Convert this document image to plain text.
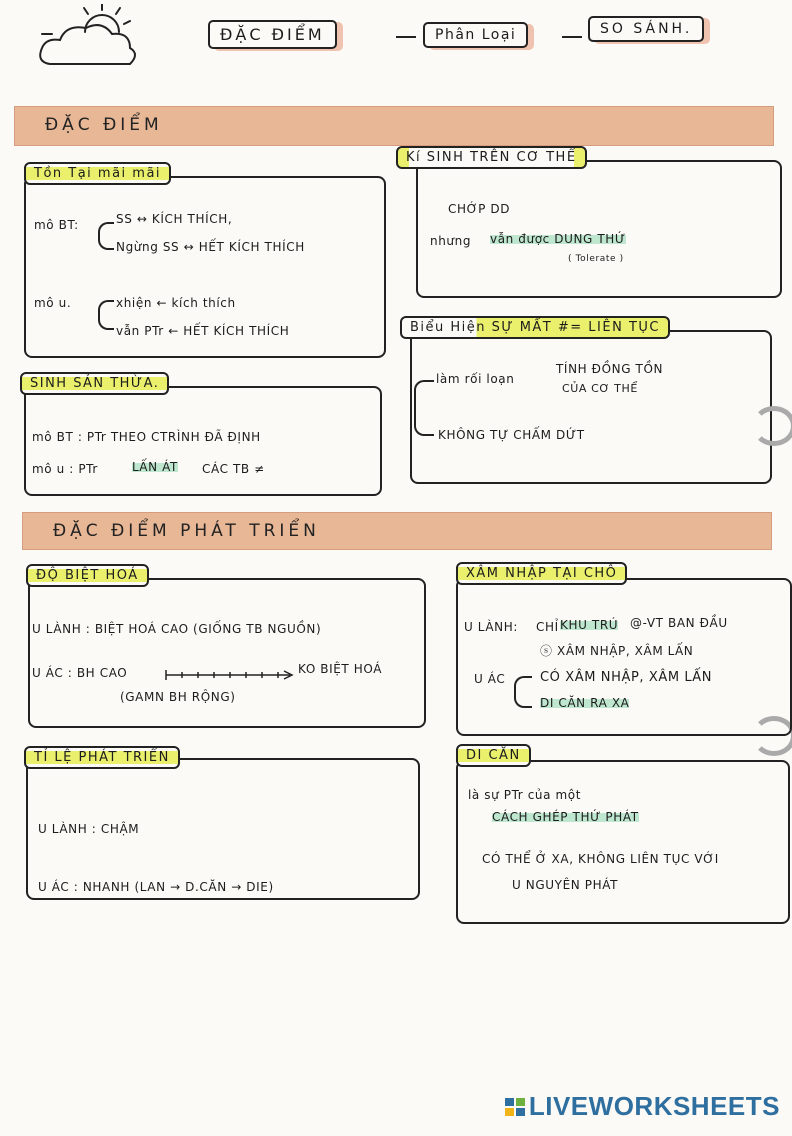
ĐẶC ĐIỂM	Phân Loại	SO SÁNH.
ĐẶC ĐIỂM
Tồn Tại mãi mãi
mô BT:	SS ↔ KÍCH THÍCH,
Ngừng SS ↔ HẾT KÍCH THÍCH
mô u.	xhiện ← kích thích
vẫn PTr ← HẾT KÍCH THÍCH
Kí SINH TRÊN CƠ THỂ
CHỚP DD
nhưng vẫn được DUNG THỨ
( Tolerate )
SINH SẢN THỪA.
mô BT : PTr THEO CTRÌNH ĐÃ ĐỊNH
mô u : PTr	LẤN ÁT CÁC TB ≠
Biểu Hiện SỰ MẤT #= LIÊN TỤC
làm rối loạn
TÍNH ĐỒNG TỒN
CỦA CƠ THỂ
KHÔNG TỰ CHẤM DỨT
ĐẶC ĐIỂM PHÁT TRIỂN
ĐỘ BIỆT HOÁ
U LÀNH : BIỆT HOÁ CAO (GIỐNG TB NGUỒN)
U ÁC : BH CAO	KO BIỆT HOÁ
(GAMN BH RỘNG)
XÂM NHẬP TẠI CHỖ
U LÀNH: CHỈ KHU TRÚ @-VT BAN ĐẦU
ⓢ XÂM NHẬP, XÂM LẤN
U ÁC	CÓ XÂM NHẬP, XÂM LẤN
DI CĂN RA XA
TỈ LỆ PHÁT TRIỂN
U LÀNH : CHẬM
U ÁC : NHANH (LAN → D.CĂN → DIE)
DI CĂN
là sự PTr của một
CÁCH GHÉP THỨ PHÁT
CÓ THỂ Ở XA, KHÔNG LIÊN TỤC VỚI
U NGUYÊN PHÁT
LIVEWORKSHEETS
